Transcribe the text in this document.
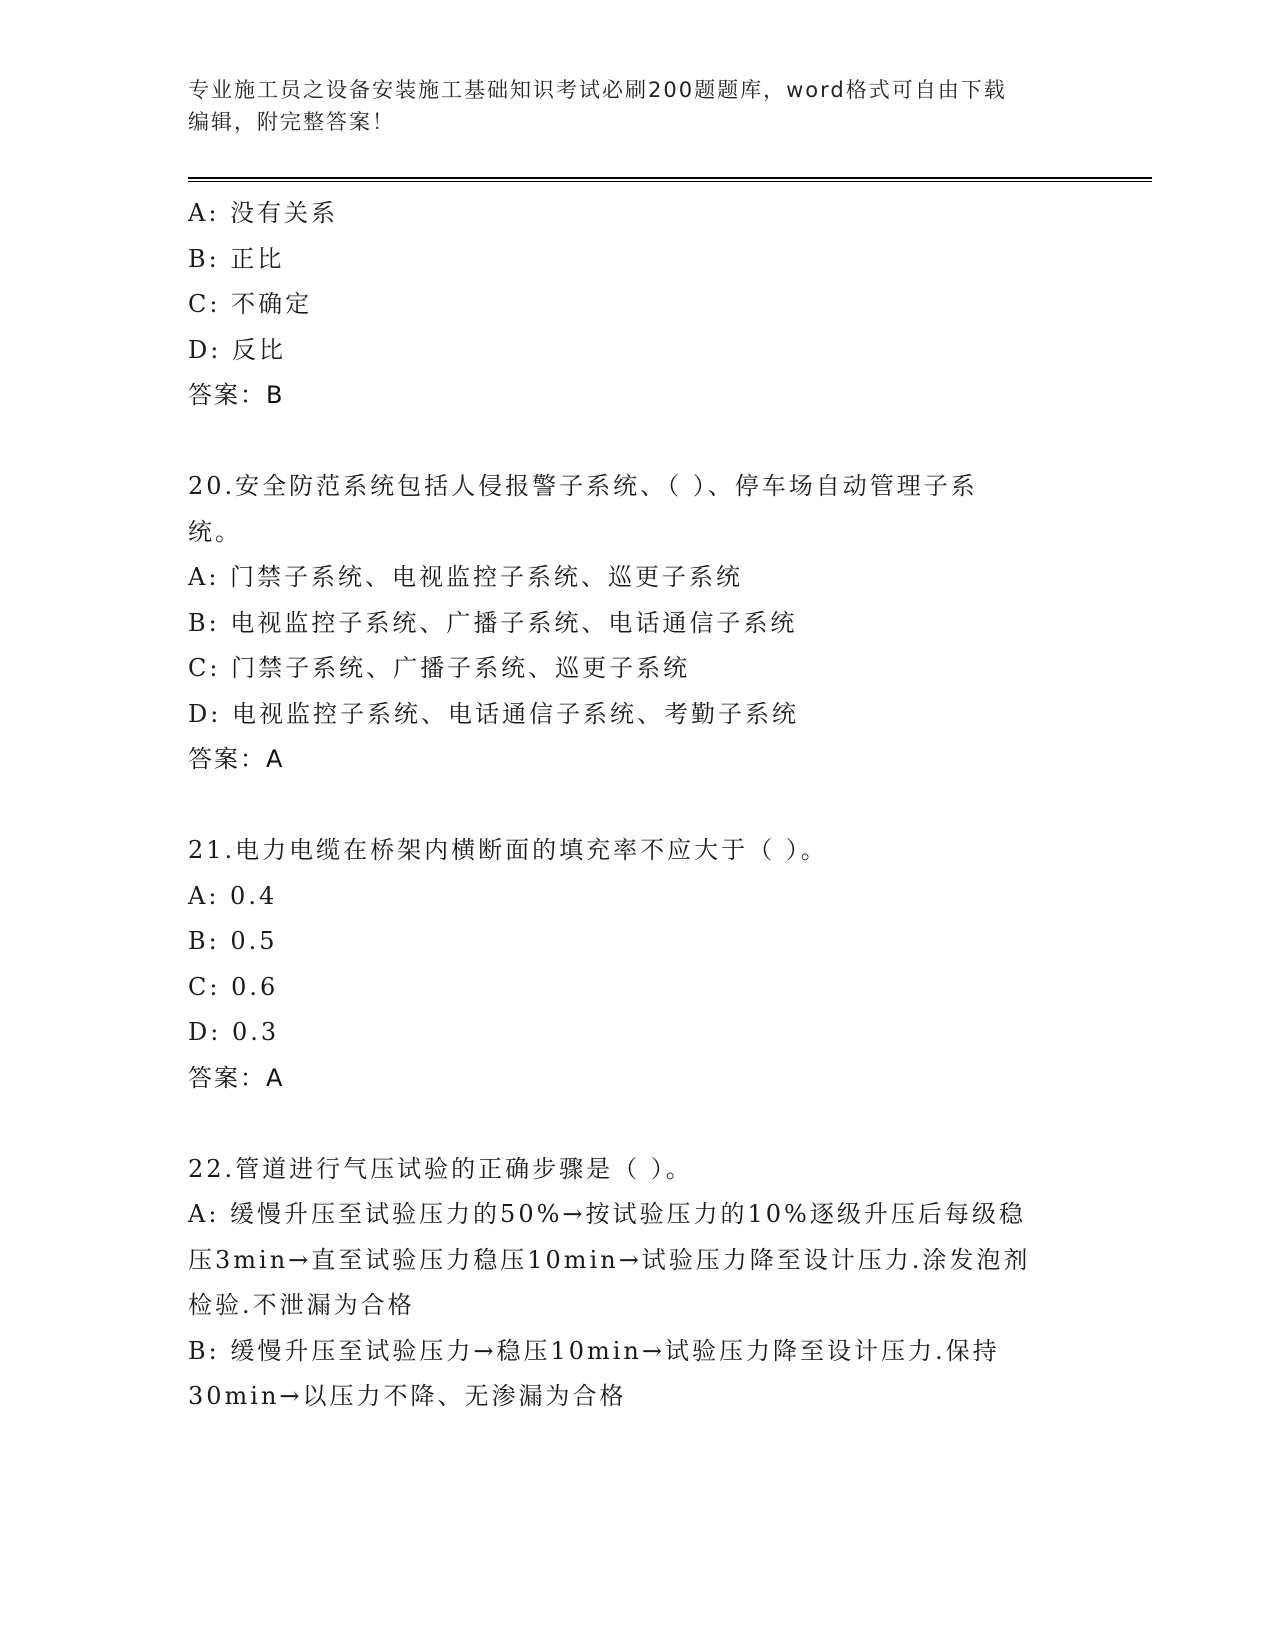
专业施工员之设备安装施工基础知识考试必刷200题题库，word格式可自由下载
编辑，附完整答案！
A: 没有关系
B: 正比
C: 不确定
D: 反比
答案：B
20.安全防范系统包括人侵报警子系统、（ ）、停车场自动管理子系
统。
A: 门禁子系统、电视监控子系统、巡更子系统
B: 电视监控子系统、广播子系统、电话通信子系统
C: 门禁子系统、广播子系统、巡更子系统
D: 电视监控子系统、电话通信子系统、考勤子系统
答案：A
21.电力电缆在桥架内横断面的填充率不应大于（ ）。
A: 0.4
B: 0.5
C: 0.6
D: 0.3
答案：A
22.管道进行气压试验的正确步骤是（ ）。
A: 缓慢升压至试验压力的50%→按试验压力的10%逐级升压后每级稳
压3min→直至试验压力稳压10min→试验压力降至设计压力.涂发泡剂
检验.不泄漏为合格
B: 缓慢升压至试验压力→稳压10min→试验压力降至设计压力.保持
30min→以压力不降、无渗漏为合格
